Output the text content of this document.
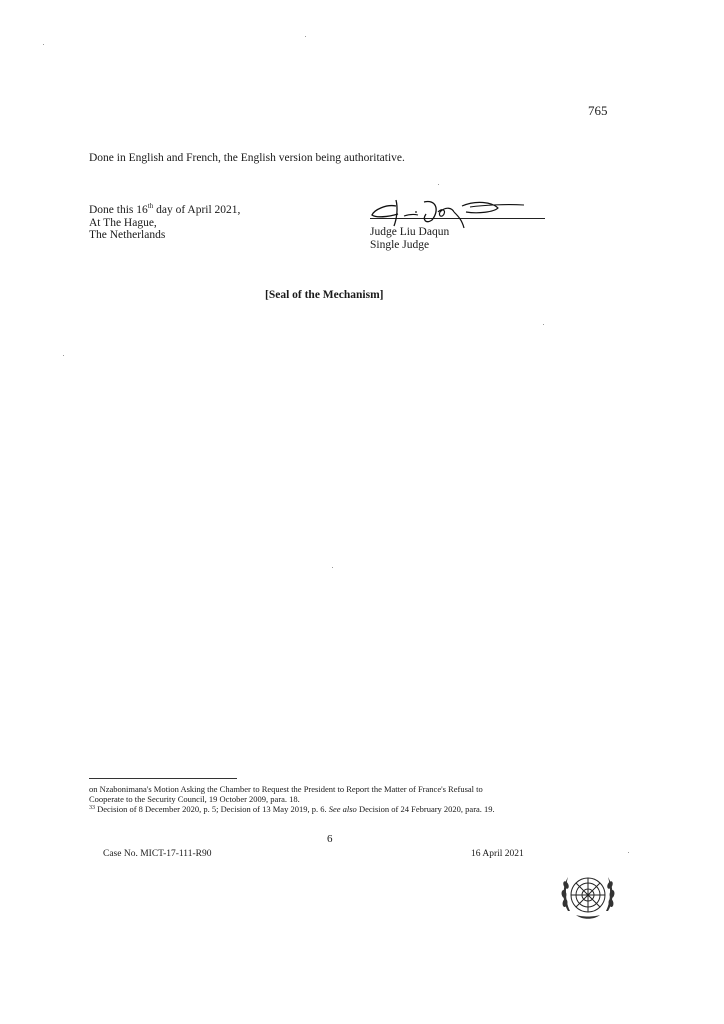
765
Done in English and French, the English version being authoritative.
Done this 16th day of April 2021,
At The Hague,
The Netherlands	Judge Liu Daqun
Single Judge
[Seal of the Mechanism]
on Nzabonimana's Motion Asking the Chamber to Request the President to Report the Matter of France's Refusal to
Cooperate to the Security Council, 19 October 2009, para. 18.
$^{33}$ Decision of 8 December 2020, p. 5; Decision of 13 May 2019, p. 6. See also Decision of 24 February 2020, para. 19.
6
Case No. MICT-17-111-R90	16 April 2021
